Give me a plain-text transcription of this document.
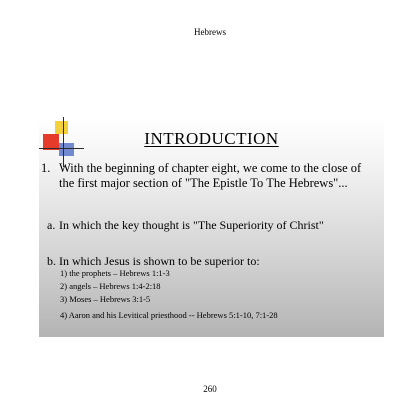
Hebrews
INTRODUCTION
1. With the beginning of chapter eight, we come to the close of the first major section of "The Epistle To The Hebrews"...
a. In which the key thought is "The Superiority of Christ"
b. In which Jesus is shown to be superior to:
1) the prophets – Hebrews 1:1-3
2) angels – Hebrews 1:4-2:18
3) Moses – Hebrews 3:1-5
4) Aaron and his Levitical priesthood -- Hebrews 5:1-10, 7:1-28
260
